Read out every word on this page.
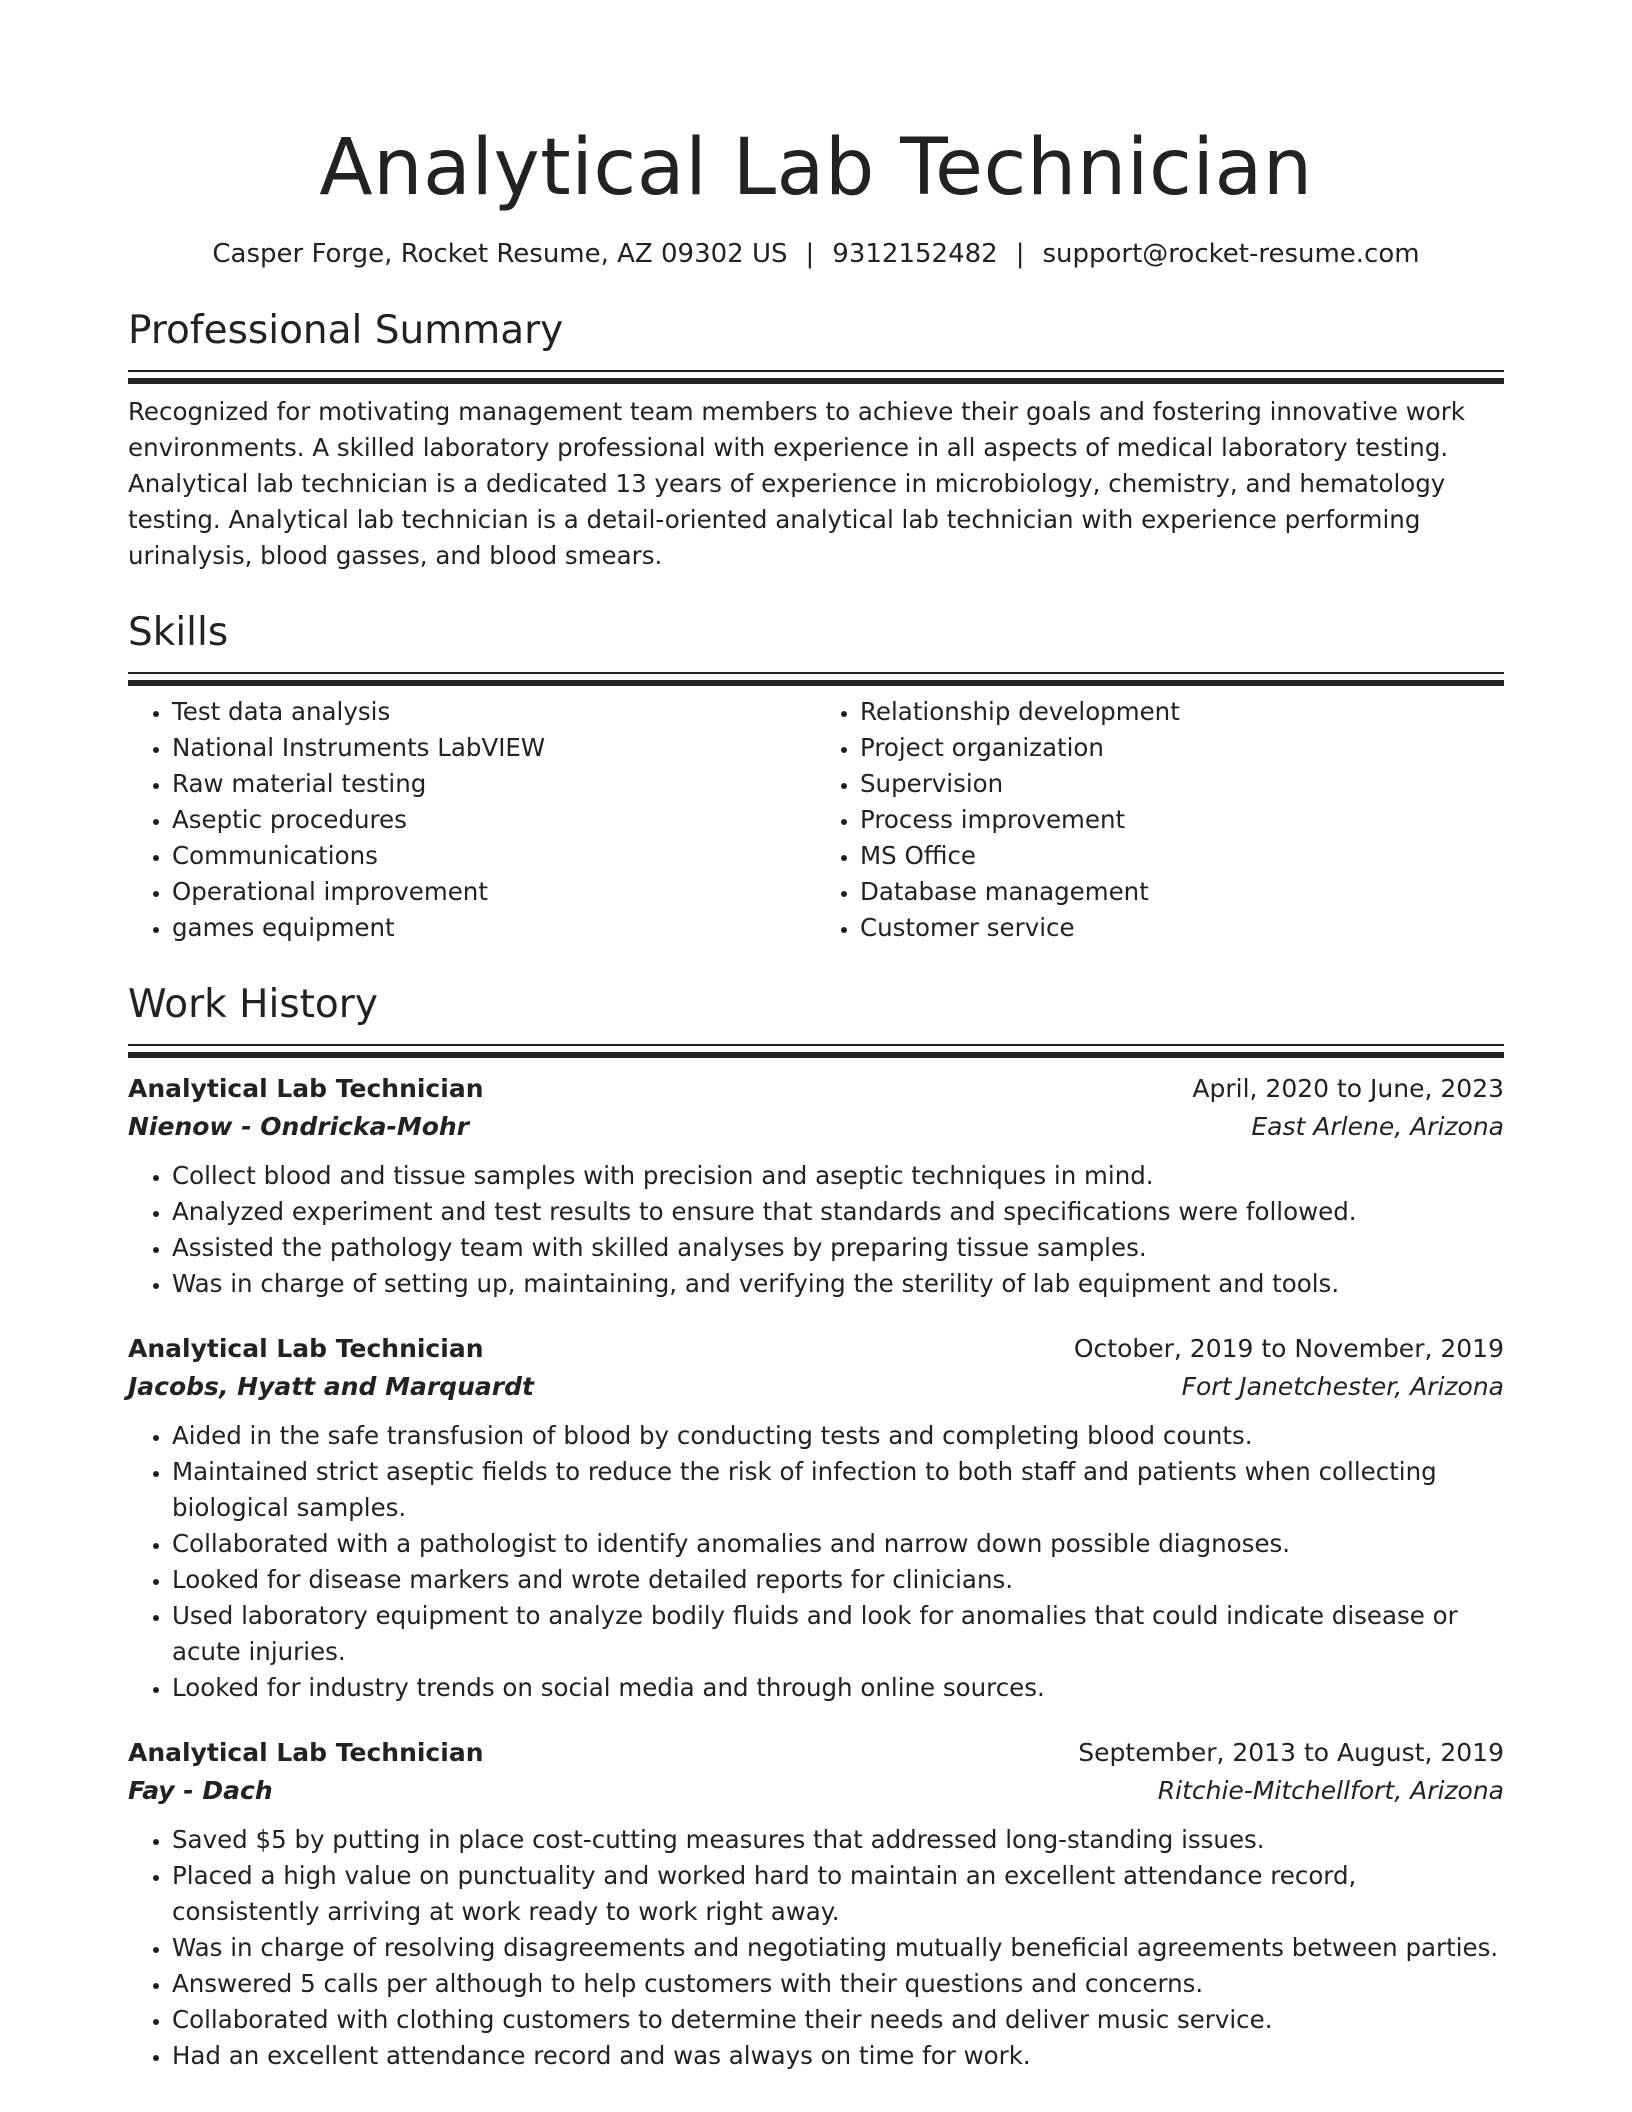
Analytical Lab Technician
Casper Forge, Rocket Resume, AZ 09302 US | 9312152482 | support@rocket-resume.com
Professional Summary
Recognized for motivating management team members to achieve their goals and fostering innovative work environments. A skilled laboratory professional with experience in all aspects of medical laboratory testing. Analytical lab technician is a dedicated 13 years of experience in microbiology, chemistry, and hematology testing. Analytical lab technician is a detail-oriented analytical lab technician with experience performing urinalysis, blood gasses, and blood smears.
Skills
• Test data analysis
• National Instruments LabVIEW
• Raw material testing
• Aseptic procedures
• Communications
• Operational improvement
• games equipment
• Relationship development
• Project organization
• Supervision
• Process improvement
• MS Office
• Database management
• Customer service
Work History
Analytical Lab Technician	April, 2020 to June, 2023
Nienow - Ondricka-Mohr	East Arlene, Arizona
• Collect blood and tissue samples with precision and aseptic techniques in mind.
• Analyzed experiment and test results to ensure that standards and specifications were followed.
• Assisted the pathology team with skilled analyses by preparing tissue samples.
• Was in charge of setting up, maintaining, and verifying the sterility of lab equipment and tools.
Analytical Lab Technician	October, 2019 to November, 2019
Jacobs, Hyatt and Marquardt	Fort Janetchester, Arizona
• Aided in the safe transfusion of blood by conducting tests and completing blood counts.
• Maintained strict aseptic fields to reduce the risk of infection to both staff and patients when collecting biological samples.
• Collaborated with a pathologist to identify anomalies and narrow down possible diagnoses.
• Looked for disease markers and wrote detailed reports for clinicians.
• Used laboratory equipment to analyze bodily fluids and look for anomalies that could indicate disease or acute injuries.
• Looked for industry trends on social media and through online sources.
Analytical Lab Technician	September, 2013 to August, 2019
Fay - Dach	Ritchie-Mitchellfort, Arizona
• Saved $5 by putting in place cost-cutting measures that addressed long-standing issues.
• Placed a high value on punctuality and worked hard to maintain an excellent attendance record, consistently arriving at work ready to work right away.
• Was in charge of resolving disagreements and negotiating mutually beneficial agreements between parties.
• Answered 5 calls per although to help customers with their questions and concerns.
• Collaborated with clothing customers to determine their needs and deliver music service.
• Had an excellent attendance record and was always on time for work.
